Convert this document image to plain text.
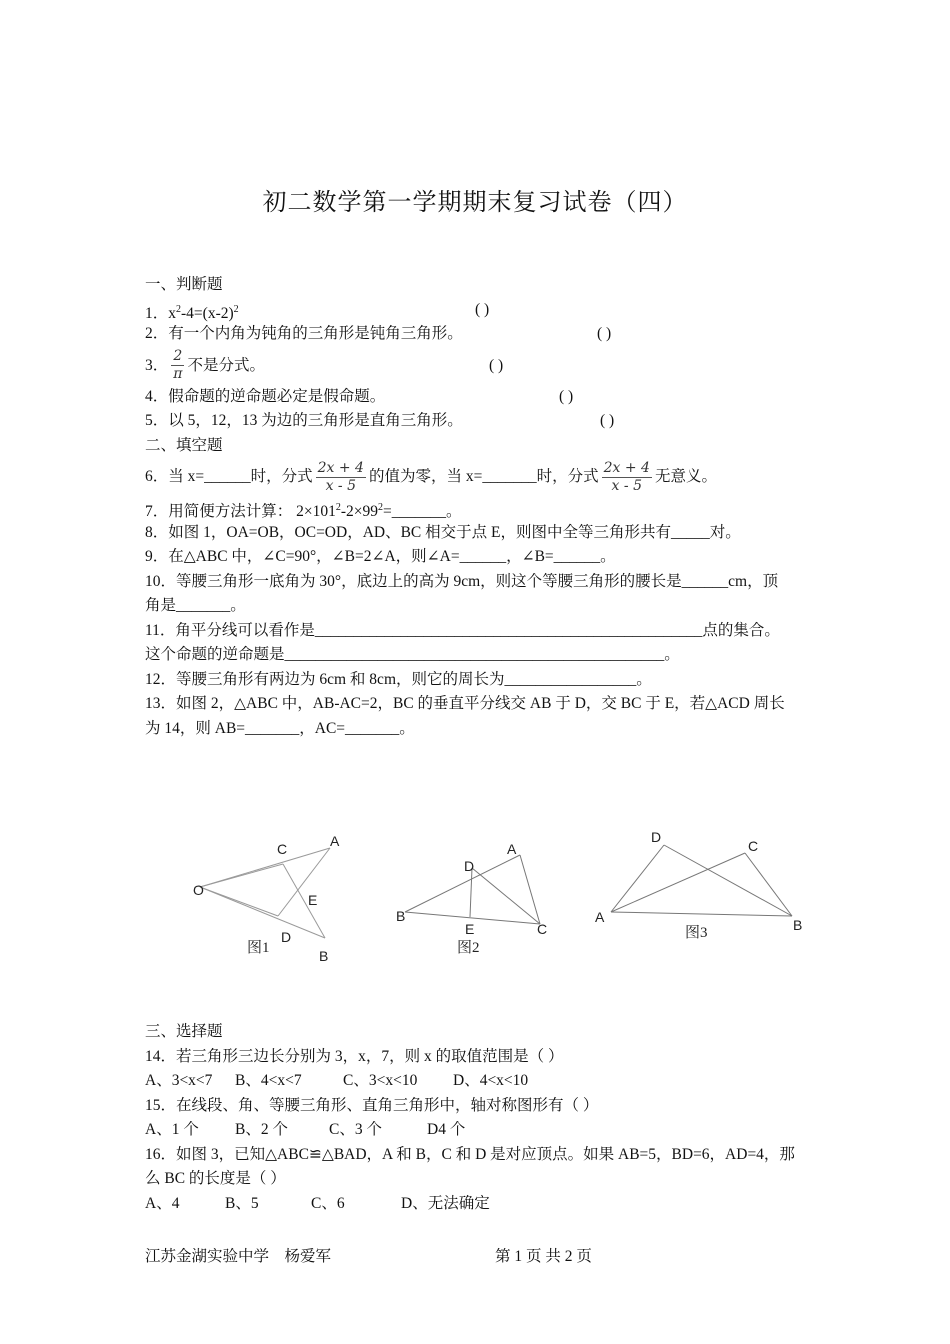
初二数学第一学期期末复习试卷（四）
一、判断题
1．$x^2-4=(x-2)^2$	( )
2．有一个内角为钝角的三角形是钝角三角形。	( )
3． $\frac{2}{\pi}$ 不是分式。	( )
4．假命题的逆命题必定是假命题。	( )
5．以 5，12，13 为边的三角形是直角三角形。	( )
二、填空题
6．当 x=______时，分式 $\frac{2x + 4}{x - 5}$ 的值为零，当 x=_______时，分式 $\frac{2x + 4}{x - 5}$ 无意义。
7．用简便方法计算： $2\times 101^2-2\times 99^2=\_\_\_\_\_\_\_$。
8．如图 1，OA=OB，OC=OD，AD、BC 相交于点 E，则图中全等三角形共有_____对。
9．在△ABC 中，∠C=90°，∠B=2∠A，则∠A=______，∠B=______。
10．等腰三角形一底角为 30°，底边上的高为 9cm，则这个等腰三角形的腰长是______cm，顶
角是_______。
11．角平分线可以看作是__________________________________________________点的集合。
这个命题的逆命题是_________________________________________________。
12．等腰三角形有两边为 6cm 和 8cm，则它的周长为_________________。
13．如图 2，△ABC 中，AB-AC=2，BC 的垂直平分线交 AB 于 D，交 BC 于 E，若△ACD 周长
为 14，则 AB=_______，AC=_______。
O
A
C
E
D
B
图1
B
A
D
E	C
图2
A
D
C
B
图3
三、选择题
14．若三角形三边长分别为 3，x，7，则 x 的取值范围是（ ）
A、3<x<7 B、4<x<7	C、3<x<10 D、4<x<10
15．在线段、角、等腰三角形、直角三角形中，轴对称图形有（ ）
A、1 个 B、2 个	C、3 个	D4 个
16．如图 3，已知△ABC≌△BAD，A 和 B，C 和 D 是对应顶点。如果 AB=5，BD=6，AD=4，那
么 BC 的长度是（ ）
A、4	B、5	C、6	D、无法确定
江苏金湖实验中学　杨爱军	第 1 页 共 2 页
